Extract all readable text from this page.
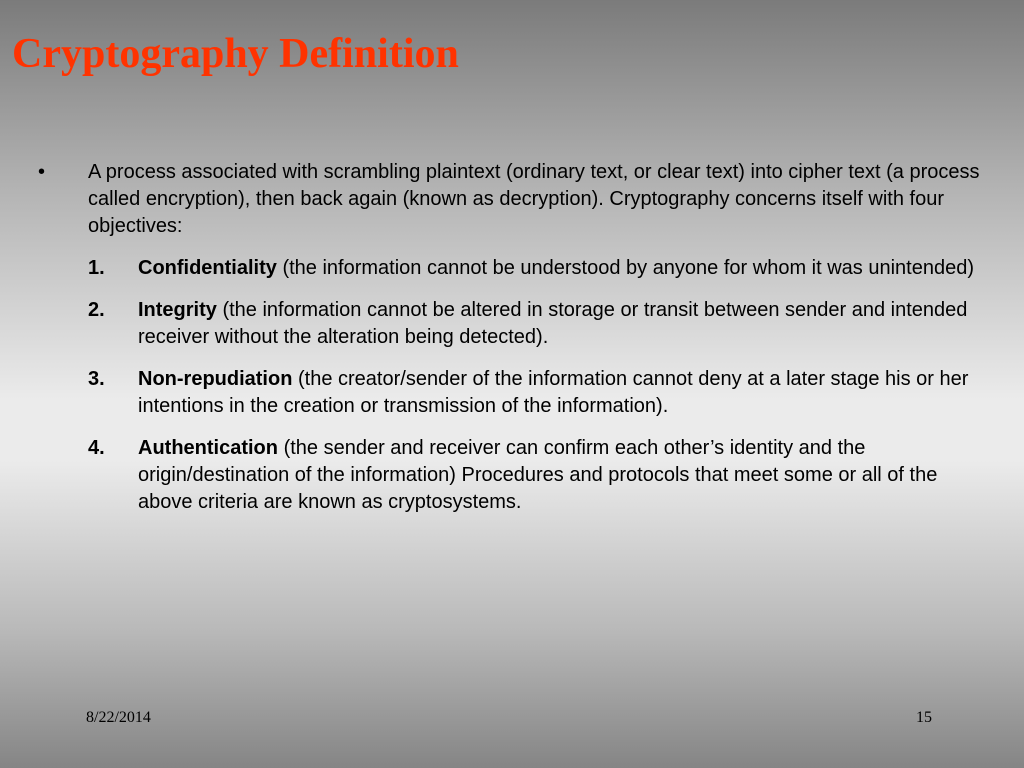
Cryptography Definition
•	A process associated with scrambling plaintext (ordinary text, or clear text) into cipher text (a process called encryption), then back again (known as decryption). Cryptography concerns itself with four objectives:
1.	Confidentiality (the information cannot be understood by anyone for whom it was unintended)
2.	Integrity (the information cannot be altered in storage or transit between sender and intended receiver without the alteration being detected).
3.	Non-repudiation (the creator/sender of the information cannot deny at a later stage his or her intentions in the creation or transmission of the information).
4.	Authentication (the sender and receiver can confirm each other’s identity and the origin/destination of the information) Procedures and protocols that meet some or all of the above criteria are known as cryptosystems.
8/22/2014	15
